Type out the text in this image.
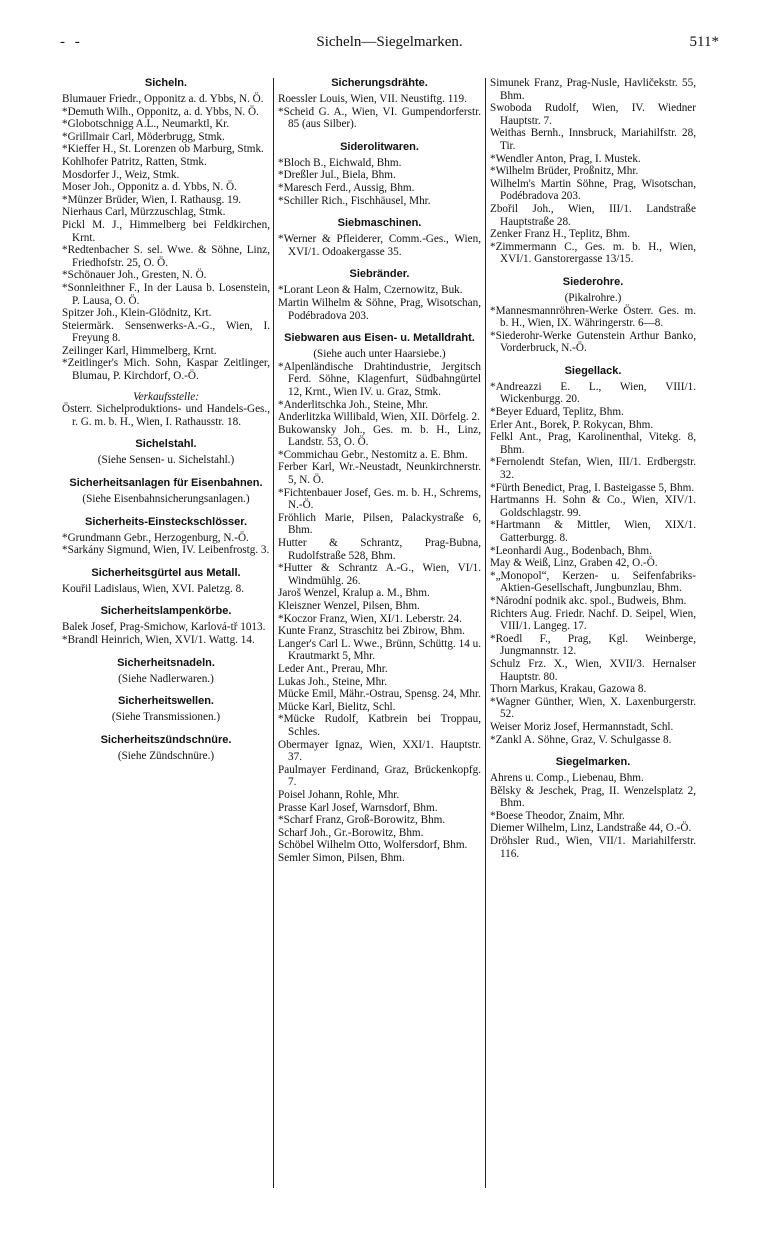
- -	Sicheln—Siegelmarken.	511*
Sicheln.
Blumauer Friedr., Opponitz a. d. Ybbs, N. Ö.
*Demuth Wilh., Opponitz, a. d. Ybbs, N. Ö.
*Globotschnigg A.L., Neumarktl, Kr.
*Grillmair Carl, Möderbrugg, Stmk.
*Kieffer H., St. Lorenzen ob Marburg, Stmk.
Kohlhofer Patritz, Ratten, Stmk.
Mosdorfer J., Weiz, Stmk.
Moser Joh., Opponitz a. d. Ybbs, N. Ö.
*Münzer Brüder, Wien, I. Rathausg. 19.
Nierhaus Carl, Mürzzuschlag, Stmk.
Pickl M. J., Himmelberg bei Feldkirchen, Krnt.
*Redtenbacher S. sel. Wwe. & Söhne, Linz, Friedhofstr. 25, O. Ö.
*Schönauer Joh., Gresten, N. Ö.
*Sonnleithner F., In der Lausa b. Losenstein, P. Lausa, O. Ö.
Spitzer Joh., Klein-Glödnitz, Krt.
Steiermärk. Sensenwerks-A.-G., Wien, I. Freyung 8.
Zeilinger Karl, Himmelberg, Krnt.
*Zeitlinger's Mich. Sohn, Kaspar Zeitlinger, Blumau, P. Kirchdorf, O.-Ö.
Verkaufsstelle:
Österr. Sichelproduktions- und Handels-Ges., r. G. m. b. H., Wien, I. Rathausstr. 18.
Sichelstahl.
(Siehe Sensen- u. Sichelstahl.)
Sicherheitsanlagen für Eisenbahnen.
(Siehe Eisenbahnsicherungsanlagen.)
Sicherheits-Einsteckschlösser.
*Grundmann Gebr., Herzogenburg, N.-Ö.
*Sarkány Sigmund, Wien, IV. Leibenfrostg. 3.
Sicherheitsgürtel aus Metall.
Kouřil Ladislaus, Wien, XVI. Paletzg. 8.
Sicherheitslampenkörbe.
Balek Josef, Prag-Smichow, Karlová-tř 1013.
*Brandl Heinrich, Wien, XVI/1. Wattg. 14.
Sicherheitsnadeln.
(Siehe Nadlerwaren.)
Sicherheitswellen.
(Siehe Transmissionen.)
Sicherheitszündschnüre.
(Siehe Zündschnüre.)
Sicherungsdrähte.
Roessler Louis, Wien, VII. Neustiftg. 119.
*Scheid G. A., Wien, VI. Gumpendorferstr. 85 (aus Silber).
Siderolitwaren.
*Bloch B., Eichwald, Bhm.
*Dreßler Jul., Biela, Bhm.
*Maresch Ferd., Aussig, Bhm.
*Schiller Rich., Fischhäusel, Mhr.
Siebmaschinen.
*Werner & Pfleiderer, Comm.-Ges., Wien, XVI/1. Odoakergasse 35.
Siebränder.
*Lorant Leon & Halm, Czernowitz, Buk.
Martin Wilhelm & Söhne, Prag, Wisotschan, Podébradova 203.
Siebwaren aus Eisen- u. Metalldraht.
(Siehe auch unter Haarsiebe.)
*Alpenländische Drahtindustrie, Jergitsch Ferd. Söhne, Klagenfurt, Südbahngürtel 12, Krnt., Wien IV. u. Graz, Stmk.
*Anderlitschka Joh., Steine, Mhr.
Anderlitzka Willibald, Wien, XII. Dörfelg. 2.
Bukowansky Joh., Ges. m. b. H., Linz, Landstr. 53, O. Ö.
*Commichau Gebr., Nestomitz a. E. Bhm.
Ferber Karl, Wr.-Neustadt, Neunkirchnerstr. 5, N. Ö.
*Fichtenbauer Josef, Ges. m. b. H., Schrems, N.-Ö.
Fröhlich Marie, Pilsen, Palackystraße 6, Bhm.
Hutter & Schrantz, Prag-Bubna, Rudolfstraße 528, Bhm.
*Hutter & Schrantz A.-G., Wien, VI/1. Windmühlg. 26.
Jaroš Wenzel, Kralup a. M., Bhm.
Kleiszner Wenzel, Pilsen, Bhm.
*Koczor Franz, Wien, XI/1. Leberstr. 24.
Kunte Franz, Straschitz bei Zbirow, Bhm.
Langer's Carl L. Wwe., Brünn, Schüttg. 14 u. Krautmarkt 5, Mhr.
Leder Ant., Prerau, Mhr.
Lukas Joh., Steine, Mhr.
Mücke Emil, Mähr.-Ostrau, Spensg. 24, Mhr.
Mücke Karl, Bielitz, Schl.
*Mücke Rudolf, Katbrein bei Troppau, Schles.
Obermayer Ignaz, Wien, XXI/1. Hauptstr. 37.
Paulmayer Ferdinand, Graz, Brückenkopfg. 7.
Poisel Johann, Rohle, Mhr.
Prasse Karl Josef, Warnsdorf, Bhm.
*Scharf Franz, Groß-Borowitz, Bhm.
Scharf Joh., Gr.-Borowitz, Bhm.
Schöbel Wilhelm Otto, Wolfersdorf, Bhm.
Semler Simon, Pilsen, Bhm.
Simunek Franz, Prag-Nusle, Havličekstr. 55, Bhm.
Swoboda Rudolf, Wien, IV. Wiedner Hauptstr. 7.
Weithas Bernh., Innsbruck, Mariahilfstr. 28, Tir.
*Wendler Anton, Prag, I. Mustek.
*Wilhelm Brüder, Proßnitz, Mhr.
Wilhelm's Martin Söhne, Prag, Wisotschan, Podébradova 203.
Zbořil Joh., Wien, III/1. Landstraße Hauptstraße 28.
Zenker Franz H., Teplitz, Bhm.
*Zimmermann C., Ges. m. b. H., Wien, XVI/1. Ganstorergasse 13/15.
Siederohre.
(Pikalrohre.)
*Mannesmannröhren-Werke Österr. Ges. m. b. H., Wien, IX. Währingerstr. 6—8.
*Siederohr-Werke Gutenstein Arthur Banko, Vorderbruck, N.-Ö.
Siegellack.
*Andreazzi E. L., Wien, VIII/1. Wickenburgg. 20.
*Beyer Eduard, Teplitz, Bhm.
Erler Ant., Borek, P. Rokycan, Bhm.
Felkl Ant., Prag, Karolinenthal, Vitekg. 8, Bhm.
*Fernolendt Stefan, Wien, III/1. Erdbergstr. 32.
*Fürth Benedict, Prag, I. Basteigasse 5, Bhm.
Hartmanns H. Sohn & Co., Wien, XIV/1. Goldschlagstr. 99.
*Hartmann & Mittler, Wien, XIX/1. Gatterburgg. 8.
*Leonhardi Aug., Bodenbach, Bhm.
May & Weiß, Linz, Graben 42, O.-Ö.
*„Monopol“, Kerzen- u. Seifenfabriks-Aktien-Gesellschaft, Jungbunzlau, Bhm.
*Národní podnik akc. spol., Budweis, Bhm.
Richters Aug. Friedr. Nachf. D. Seipel, Wien, VIII/1. Langeg. 17.
*Roedl F., Prag, Kgl. Weinberge, Jungmannstr. 12.
Schulz Frz. X., Wien, XVII/3. Hernalser Hauptstr. 80.
Thorn Markus, Krakau, Gazowa 8.
*Wagner Günther, Wien, X. Laxenburgerstr. 52.
Weiser Moriz Josef, Hermannstadt, Schl.
*Zankl A. Söhne, Graz, V. Schulgasse 8.
Siegelmarken.
Ahrens u. Comp., Liebenau, Bhm.
Bělsky & Jeschek, Prag, II. Wenzelsplatz 2, Bhm.
*Boese Theodor, Znaim, Mhr.
Diemer Wilhelm, Linz, Landstraße 44, O.-Ö.
Dröhsler Rud., Wien, VII/1. Mariahilferstr. 116.
